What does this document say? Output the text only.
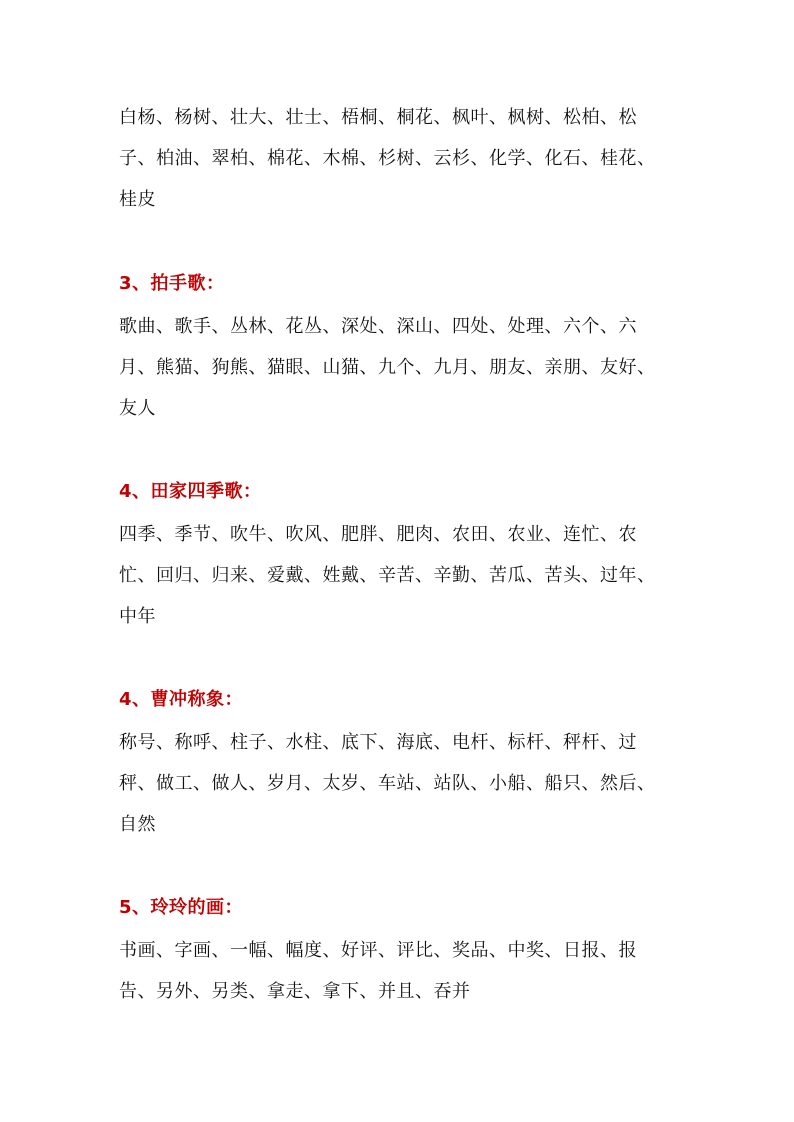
白杨、杨树、壮大、壮士、梧桐、桐花、枫叶、枫树、松柏、松
子、柏油、翠柏、棉花、木棉、杉树、云杉、化学、化石、桂花、
桂皮
3、拍手歌：
歌曲、歌手、丛林、花丛、深处、深山、四处、处理、六个、六
月、熊猫、狗熊、猫眼、山猫、九个、九月、朋友、亲朋、友好、
友人
4、田家四季歌：
四季、季节、吹牛、吹风、肥胖、肥肉、农田、农业、连忙、农
忙、回归、归来、爱戴、姓戴、辛苦、辛勤、苦瓜、苦头、过年、
中年
4、曹冲称象：
称号、称呼、柱子、水柱、底下、海底、电杆、标杆、秤杆、过
秤、做工、做人、岁月、太岁、车站、站队、小船、船只、然后、
自然
5、玲玲的画：
书画、字画、一幅、幅度、好评、评比、奖品、中奖、日报、报
告、另外、另类、拿走、拿下、并且、吞并
